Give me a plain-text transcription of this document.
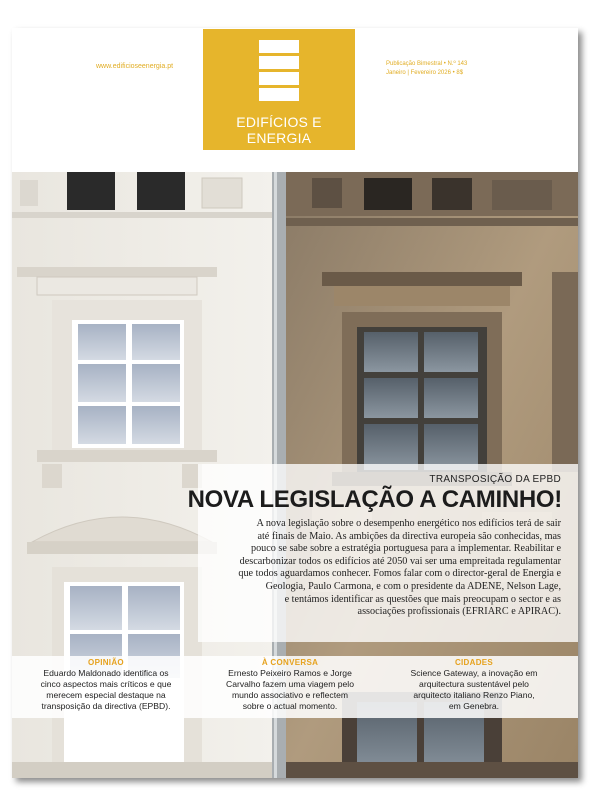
www.edificioseenergia.pt	Publicação Bimestral • N.º 143
Janeiro | Fevereiro 2026 • 8$
EDIFÍCIOS E ENERGIA
TRANSPOSIÇÃO DA EPBD
NOVA LEGISLAÇÃO A CAMINHO!
A nova legislação sobre o desempenho energético nos edifícios terá de sair
até finais de Maio. As ambições da directiva europeia são conhecidas, mas
pouco se sabe sobre a estratégia portuguesa para a implementar. Reabilitar e
descarbonizar todos os edifícios até 2050 vai ser uma empreitada regulamentar
que todos aguardamos conhecer. Fomos falar com o director-geral de Energia e
Geologia, Paulo Carmona, e com o presidente da ADENE, Nelson Lage,
e tentámos identificar as questões que mais preocupam o sector e as
associações profissionais (EFRIARC e APIRAC).
OPINIÃO
Eduardo Maldonado identifica os
cinco aspectos mais críticos e que
merecem especial destaque na
transposição da directiva (EPBD).
À CONVERSA
Ernesto Peixeiro Ramos e Jorge
Carvalho fazem uma viagem pelo
mundo associativo e reflectem
sobre o actual momento.
CIDADES
Science Gateway, a inovação em
arquitectura sustentável pelo
arquitecto italiano Renzo Piano,
em Genebra.
